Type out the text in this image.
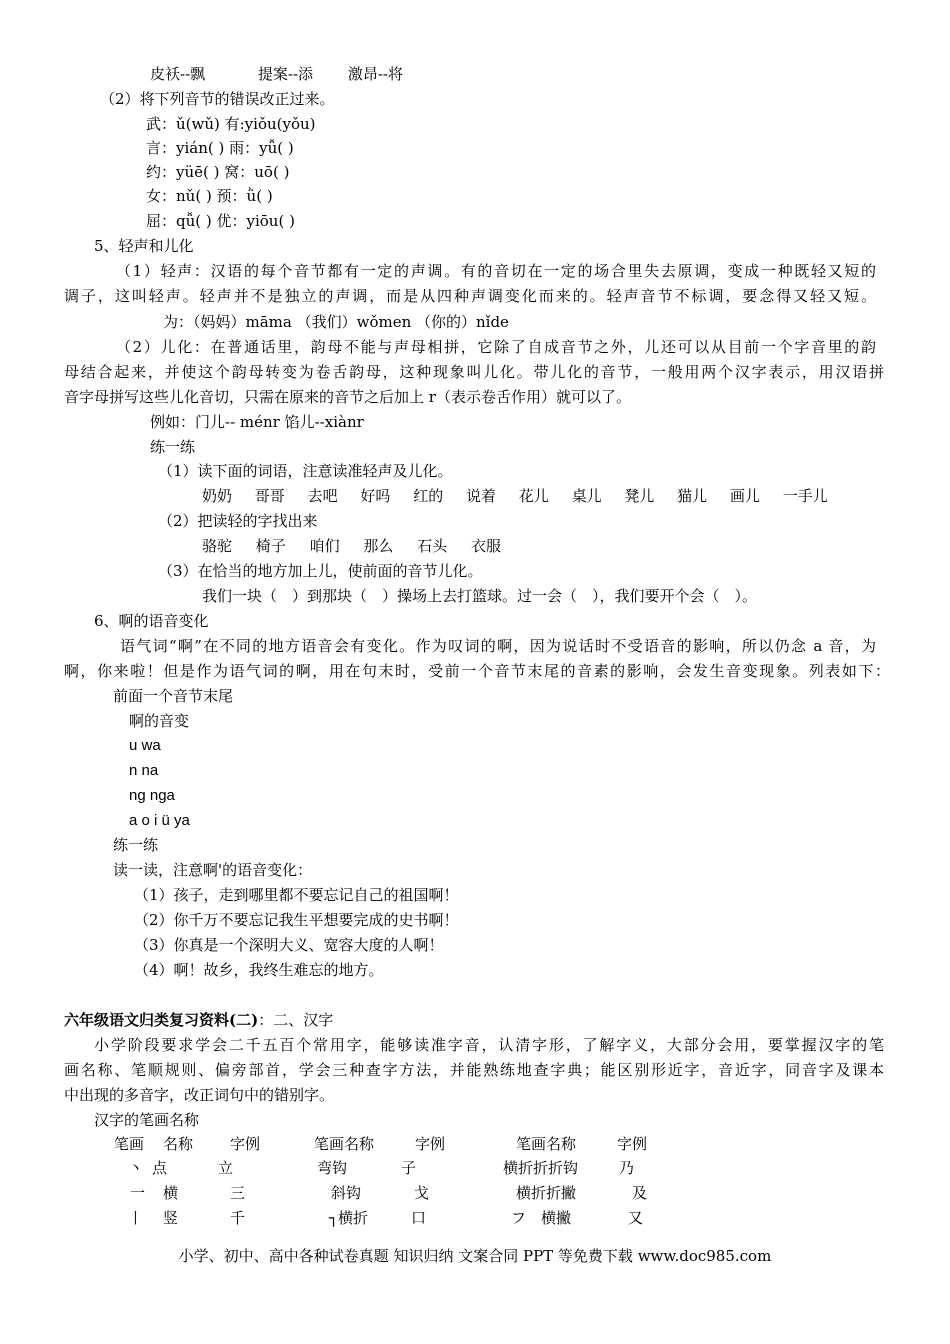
皮袄--飘	提案--添 激昂--将
（2）将下列音节的错误改正过来。
武：ǔ(wǔ) 有:yiǒu(yǒu)
言：yián( ) 雨：yǚ( )
约：yüē( ) 窝：uō( )
女：nǔ( ) 预：ǜ( )
屈：qǚ( ) 优：yiōu( )
5、轻声和儿化
（1）轻声：汉语的每个音节都有一定的声调。有的音切在一定的场合里失去原调，变成一种既轻又短的
调子，这叫轻声。轻声并不是独立的声调，而是从四种声调变化而来的。轻声音节不标调，要念得又轻又短。
为：（妈妈）māma （我们）wǒmen （你的）nǐde
（2）儿化：在普通话里，韵母不能与声母相拼，它除了自成音节之外，儿还可以从目前一个字音里的韵
母结合起来，并使这个韵母转变为卷舌韵母，这种现象叫儿化。带儿化的音节，一般用两个汉字表示，用汉语拼
音字母拼写这些儿化音切，只需在原来的音节之后加上 r（表示卷舌作用）就可以了。
例如：门儿-- ménr 馅儿--xiànr
练一练
（1）读下面的词语，注意读准轻声及儿化。
奶奶 哥哥 去吧 好吗 红的 说着 花儿 桌儿 凳儿 猫儿 画儿 一手儿
（2）把读轻的字找出来
骆驼 椅子 咱们 那么 石头 衣服
（3）在恰当的地方加上儿，使前面的音节儿化。
我们一块（　）到那块（　）操场上去打篮球。过一会（　），我们要开个会（　）。
6、啊的语音变化
语气词“啊”在不同的地方语音会有变化。作为叹词的啊，因为说话时不受语音的影响，所以仍念 a 音，为
啊，你来啦！但是作为语气词的啊，用在句末时，受前一个音节末尾的音素的影响，会发生音变现象。列表如下：
前面一个音节末尾
啊的音变
u wa
n na
ng nga
a o i ü ya
练一练
读一读，注意啊'的语音变化：
（1）孩子，走到哪里都不要忘记自己的祖国啊！
（2）你千万不要忘记我生平想要完成的史书啊！
（3）你真是一个深明大义、宽容大度的人啊！
（4）啊！故乡，我终生难忘的地方。
六年级语文归类复习资料(二)：二、汉字
小学阶段要求学会二千五百个常用字，能够读准字音，认清字形，了解字义，大部分会用，要掌握汉字的笔
画名称、笔顺规则、偏旁部首，学会三种查字方法，并能熟练地查字典；能区别形近字，音近字，同音字及课本
中出现的多音字，改正词句中的错别字。
汉字的笔画名称
笔画 名称 字例	笔画名称	字例	笔画名称	字例
丶 点	立	弯钩	子	横折折折钩	乃
一 横	三	斜钩	戈	横折折撇	及
丨 竖	千	┐横折	口	フ　横撇	又
小学、初中、高中各种试卷真题 知识归纳 文案合同 PPT 等免费下载 www.doc985.com
